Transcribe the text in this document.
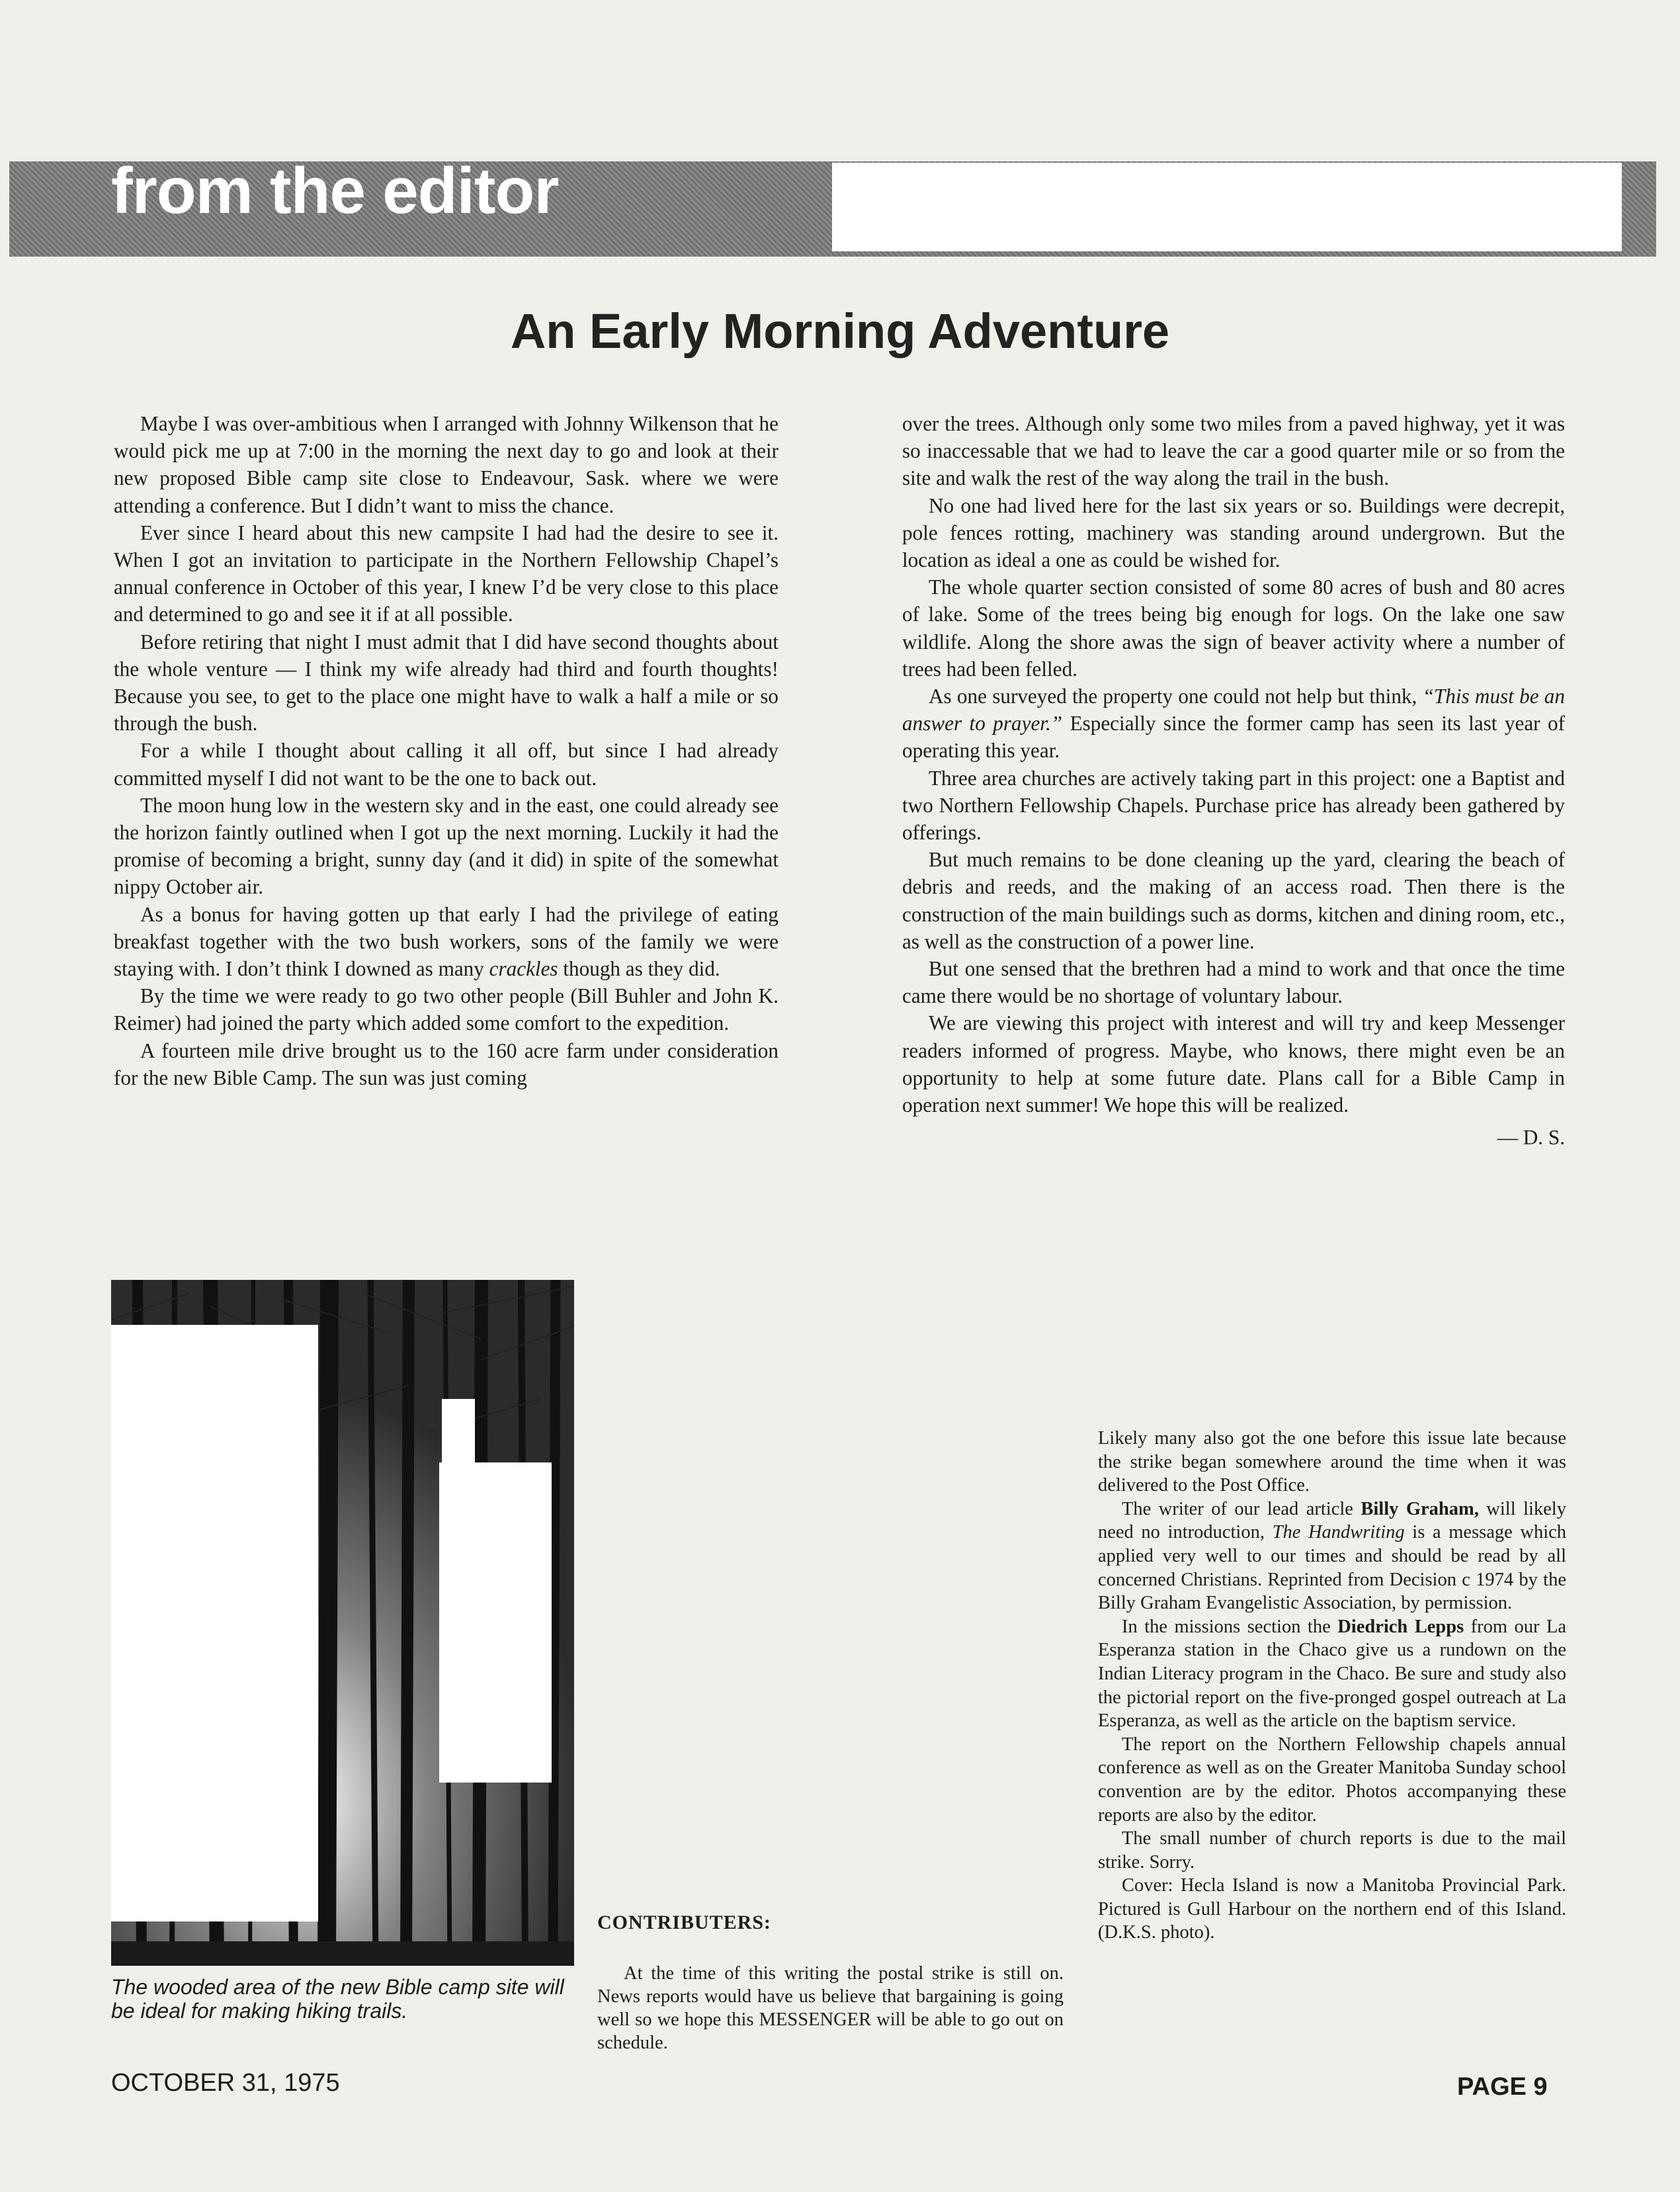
from the editor
An Early Morning Adventure

Maybe I was over-ambitious when I arranged with Johnny Wilkenson that he would pick me up at 7:00 in the morning the next day to go and look at their new proposed Bible camp site close to Endeavour, Sask. where we were attending a conference. But I didn’t want to miss the chance.

Ever since I heard about this new campsite I had had the desire to see it. When I got an invitation to participate in the Northern Fellowship Chapel’s annual conference in October of this year, I knew I’d be very close to this place and determined to go and see it if at all possible.

Before retiring that night I must admit that I did have second thoughts about the whole venture — I think my wife already had third and fourth thoughts! Because you see, to get to the place one might have to walk a half a mile or so through the bush.

For a while I thought about calling it all off, but since I had already committed myself I did not want to be the one to back out.

The moon hung low in the western sky and in the east, one could already see the horizon faintly outlined when I got up the next morning. Luckily it had the promise of becoming a bright, sunny day (and it did) in spite of the somewhat nippy October air.

As a bonus for having gotten up that early I had the privilege of eating breakfast together with the two bush workers, sons of the family we were staying with. I don’t think I downed as many crackles though as they did.

By the time we were ready to go two other people (Bill Buhler and John K. Reimer) had joined the party which added some comfort to the expedition.

A fourteen mile drive brought us to the 160 acre farm under consideration for the new Bible Camp. The sun was just coming

over the trees. Although only some two miles from a paved highway, yet it was so inaccessable that we had to leave the car a good quarter mile or so from the site and walk the rest of the way along the trail in the bush.

No one had lived here for the last six years or so. Buildings were decrepit, pole fences rotting, machinery was standing around undergrown. But the location as ideal a one as could be wished for.

The whole quarter section consisted of some 80 acres of bush and 80 acres of lake. Some of the trees being big enough for logs. On the lake one saw wildlife. Along the shore awas the sign of beaver activity where a number of trees had been felled.

As one surveyed the property one could not help but think, “This must be an answer to prayer.” Especially since the former camp has seen its last year of operating this year.

Three area churches are actively taking part in this project: one a Baptist and two Northern Fellowship Chapels. Purchase price has already been gathered by offerings.

But much remains to be done cleaning up the yard, clearing the beach of debris and reeds, and the making of an access road. Then there is the construction of the main buildings such as dorms, kitchen and dining room, etc., as well as the construction of a power line.

But one sensed that the brethren had a mind to work and that once the time came there would be no shortage of voluntary labour.

We are viewing this project with interest and will try and keep Messenger readers informed of progress. Maybe, who knows, there might even be an opportunity to help at some future date. Plans call for a Bible Camp in operation next summer! We hope this will be realized.

— D. S.

The wooded area of the new Bible camp site will be ideal for making hiking trails.
CONTRIBUTERS:

At the time of this writing the postal strike is still on. News reports would have us believe that bargaining is going well so we hope this MESSENGER will be able to go out on schedule.

Likely many also got the one before this issue late because the strike began somewhere around the time when it was delivered to the Post Office.

The writer of our lead article Billy Graham, will likely need no introduction, The Handwriting is a message which applied very well to our times and should be read by all concerned Christians. Reprinted from Decision c 1974 by the Billy Graham Evangelistic Association, by permission.

In the missions section the Diedrich Lepps from our La Esperanza station in the Chaco give us a rundown on the Indian Literacy program in the Chaco. Be sure and study also the pictorial report on the five-pronged gospel outreach at La Esperanza, as well as the article on the baptism service.

The report on the Northern Fellowship chapels annual conference as well as on the Greater Manitoba Sunday school convention are by the editor. Photos accompanying these reports are also by the editor.

The small number of church reports is due to the mail strike. Sorry.

Cover: Hecla Island is now a Manitoba Provincial Park. Pictured is Gull Harbour on the northern end of this Island. (D.K.S. photo).

OCTOBER 31, 1975	PAGE 9
